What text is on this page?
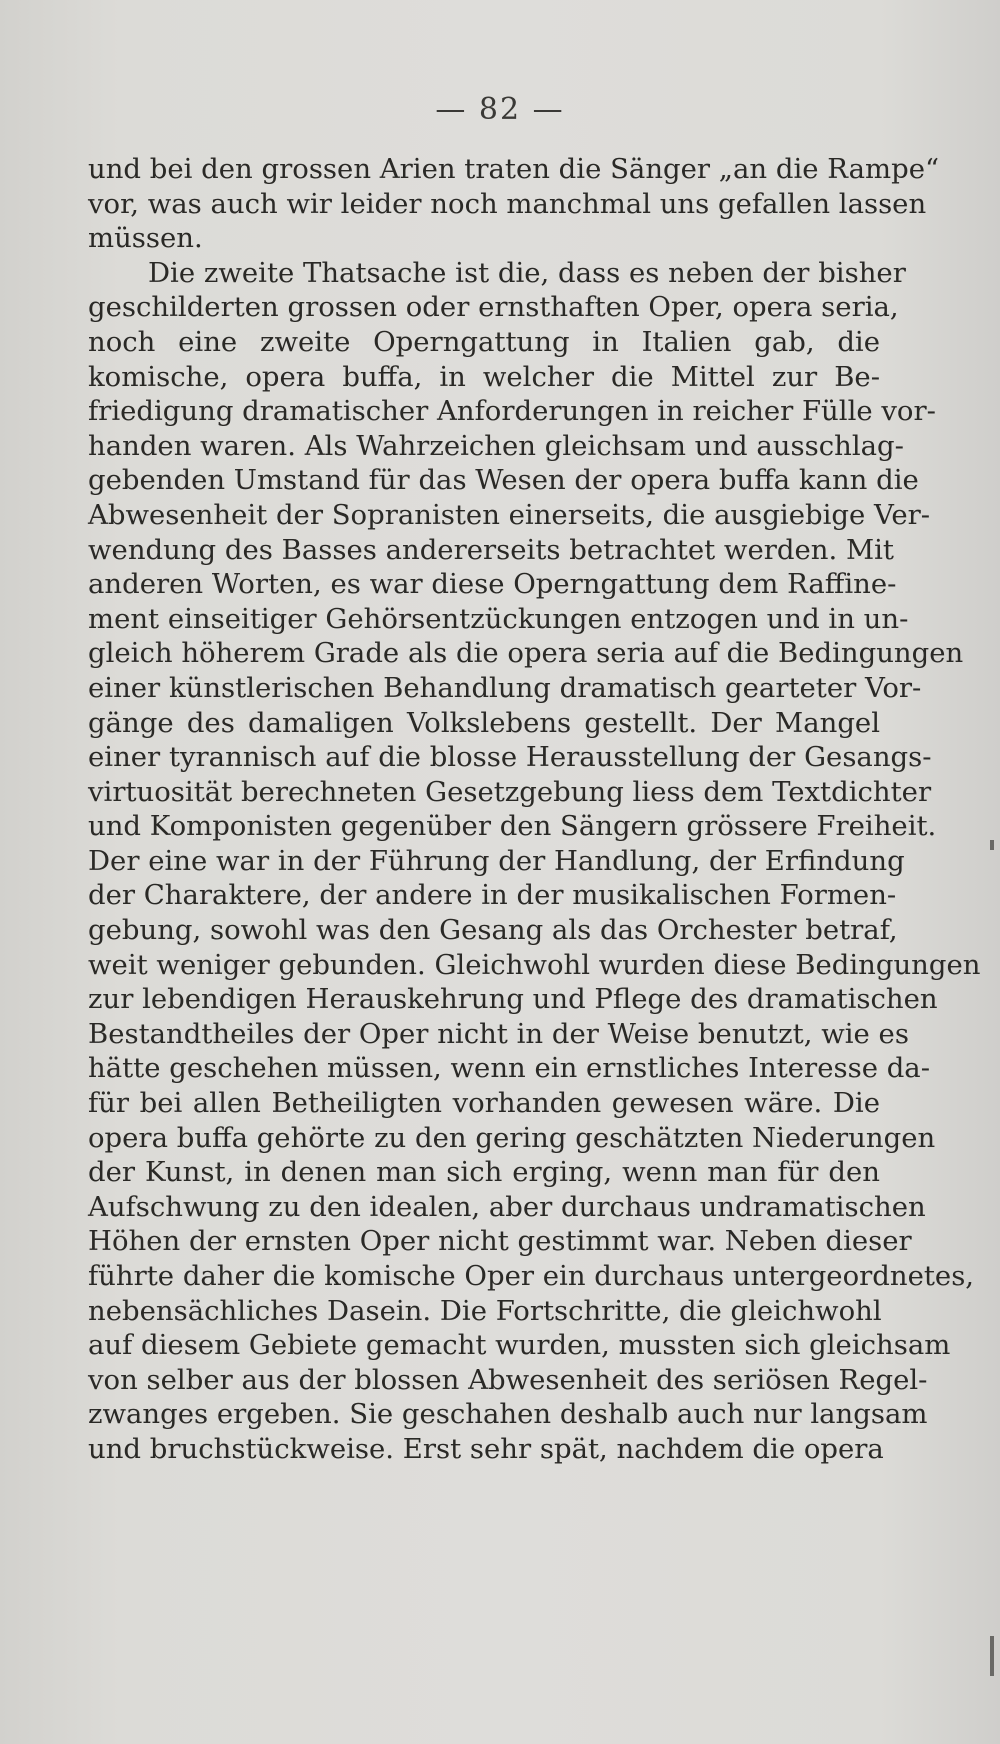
— 82 —
und bei den grossen Arien traten die Sänger „an die Rampe“
vor, was auch wir leider noch manchmal uns gefallen lassen
müssen.
Die zweite Thatsache ist die, dass es neben der bisher
geschilderten grossen oder ernsthaften Oper, opera seria,
noch eine zweite Operngattung in Italien gab, die
komische, opera buffa, in welcher die Mittel zur Be-
friedigung dramatischer Anforderungen in reicher Fülle vor-
handen waren. Als Wahrzeichen gleichsam und ausschlag-
gebenden Umstand für das Wesen der opera buffa kann die
Abwesenheit der Sopranisten einerseits, die ausgiebige Ver-
wendung des Basses andererseits betrachtet werden. Mit
anderen Worten, es war diese Operngattung dem Raffine-
ment einseitiger Gehörsentzückungen entzogen und in un-
gleich höherem Grade als die opera seria auf die Bedingungen
einer künstlerischen Behandlung dramatisch gearteter Vor-
gänge des damaligen Volkslebens gestellt. Der Mangel
einer tyrannisch auf die blosse Herausstellung der Gesangs-
virtuosität berechneten Gesetzgebung liess dem Textdichter
und Komponisten gegenüber den Sängern grössere Freiheit.
Der eine war in der Führung der Handlung, der Erfindung
der Charaktere, der andere in der musikalischen Formen-
gebung, sowohl was den Gesang als das Orchester betraf,
weit weniger gebunden. Gleichwohl wurden diese Bedingungen
zur lebendigen Herauskehrung und Pflege des dramatischen
Bestandtheiles der Oper nicht in der Weise benutzt, wie es
hätte geschehen müssen, wenn ein ernstliches Interesse da-
für bei allen Betheiligten vorhanden gewesen wäre. Die
opera buffa gehörte zu den gering geschätzten Niederungen
der Kunst, in denen man sich erging, wenn man für den
Aufschwung zu den idealen, aber durchaus undramatischen
Höhen der ernsten Oper nicht gestimmt war. Neben dieser
führte daher die komische Oper ein durchaus untergeordnetes,
nebensächliches Dasein. Die Fortschritte, die gleichwohl
auf diesem Gebiete gemacht wurden, mussten sich gleichsam
von selber aus der blossen Abwesenheit des seriösen Regel-
zwanges ergeben. Sie geschahen deshalb auch nur langsam
und bruchstückweise. Erst sehr spät, nachdem die opera
